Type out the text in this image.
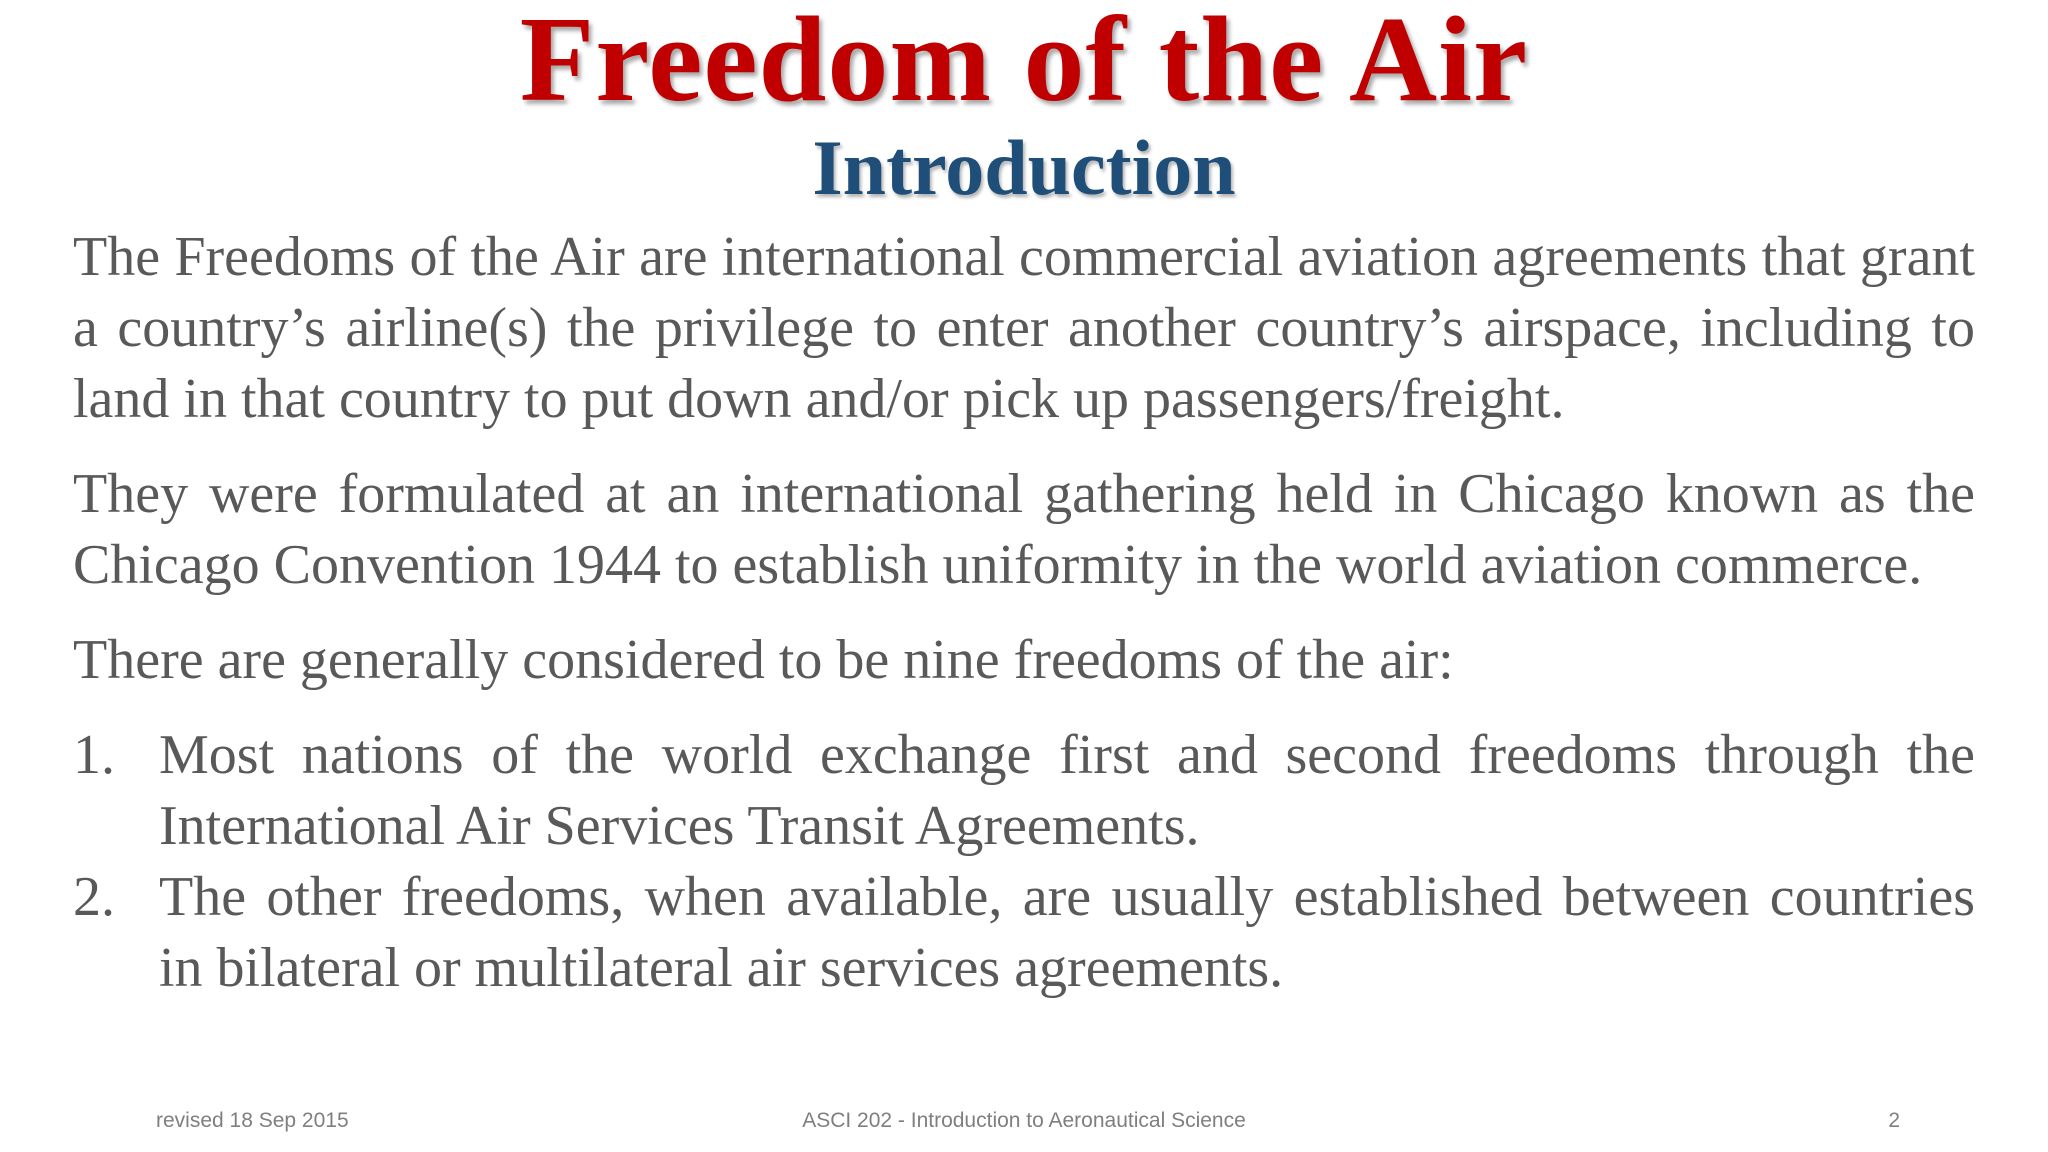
Freedom of the Air
Introduction

The Freedoms of the Air are international commercial aviation agreements that grant a country’s airline(s) the privilege to enter another country’s airspace, including to land in that country to put down and/or pick up passengers/freight.

They were formulated at an international gathering held in Chicago known as the Chicago Convention 1944 to establish uniformity in the world aviation commerce.

There are generally considered to be nine freedoms of the air:

1. Most nations of the world exchange first and second freedoms through the International Air Services Transit Agreements.
2. The other freedoms, when available, are usually established between countries in bilateral or multilateral air services agreements.
revised 18 Sep 2015	ASCI 202 - Introduction to Aeronautical Science	2
